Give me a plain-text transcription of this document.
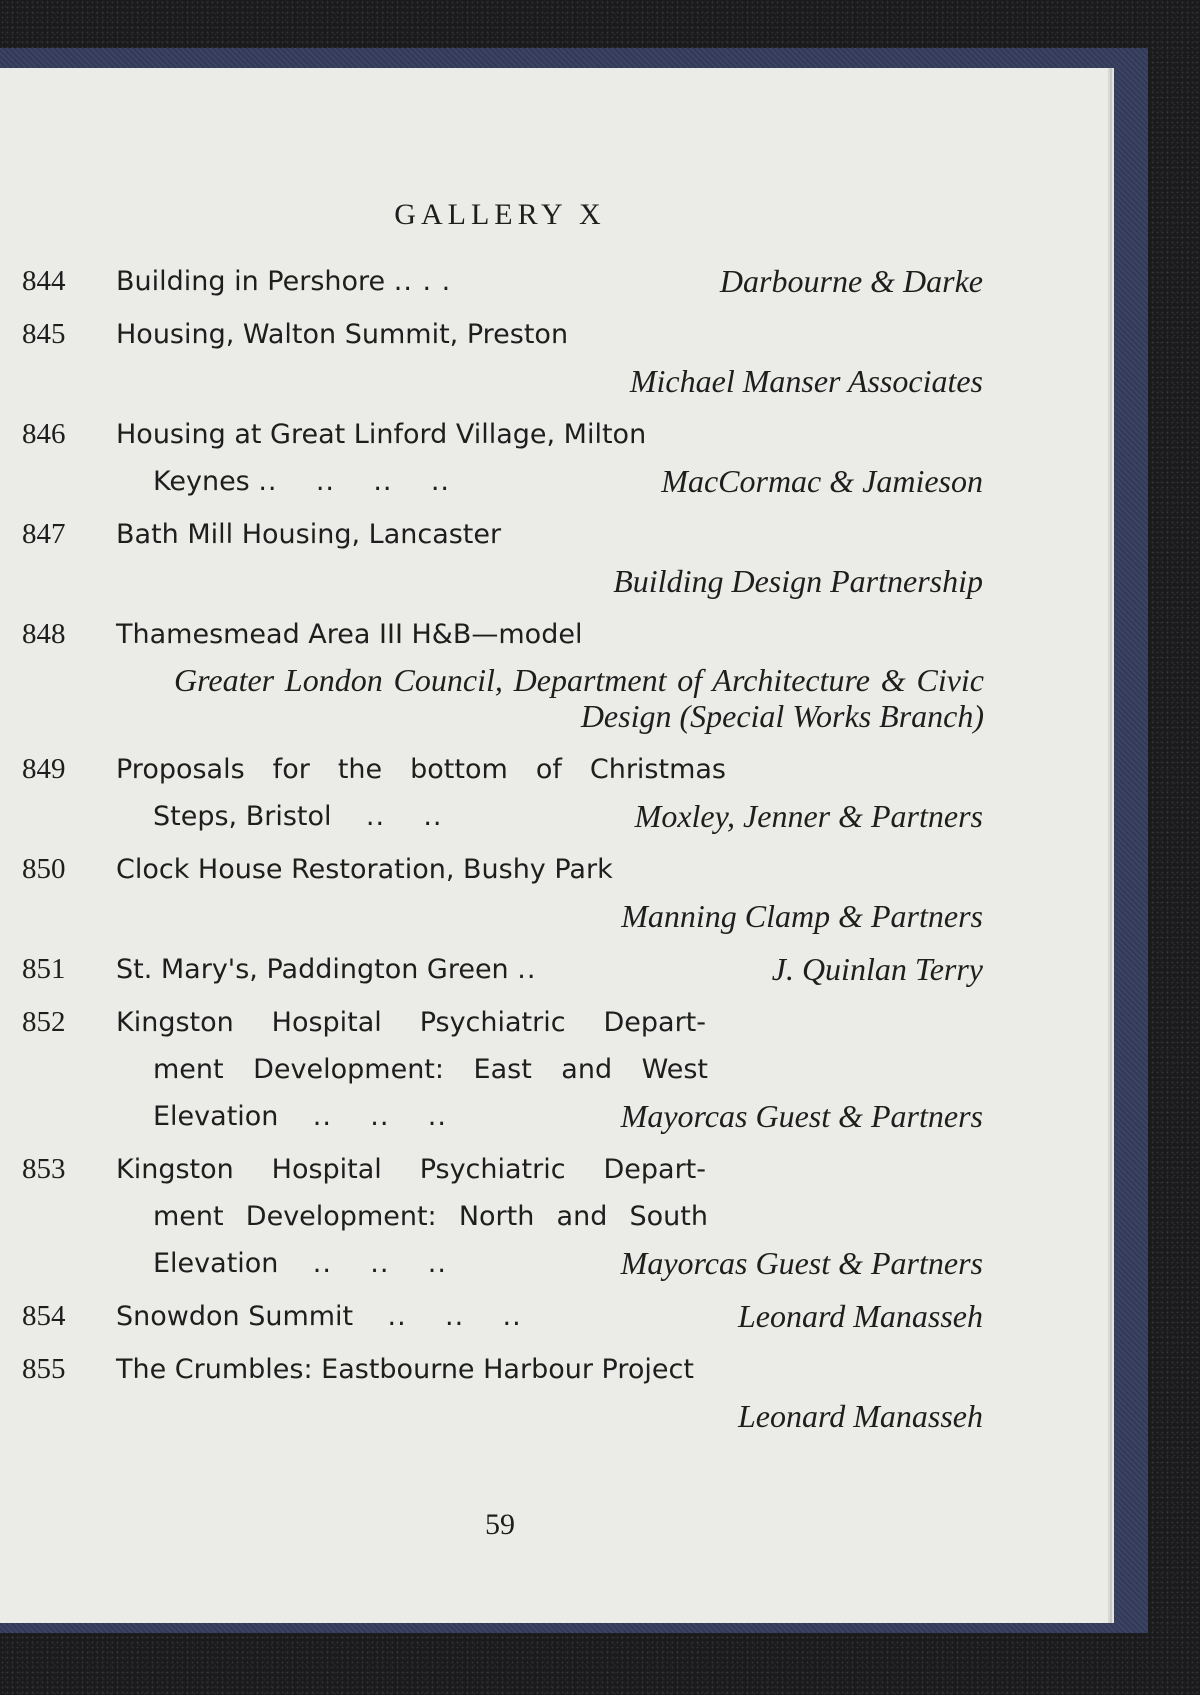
GALLERY X
844 Building in Pershore .. . .	Darbourne & Darke
845 Housing, Walton Summit, Preston
Michael Manser Associates
846 Housing at Great Linford Village, Milton
Keynes ..    ..    ..    ..	MacCormac & Jamieson
847 Bath Mill Housing, Lancaster
Building Design Partnership
848 Thamesmead Area III H&B—model
Greater London Council, Department of Architecture & Civic Design (Special Works Branch)
849 Proposals for the bottom of Christmas
Steps, Bristol ..    ..	Moxley, Jenner & Partners
850 Clock House Restoration, Bushy Park
Manning Clamp & Partners
851 St. Mary's, Paddington Green ..	J. Quinlan Terry
852 Kingston Hospital Psychiatric Depart-
ment Development: East and West
Elevation ..    ..    ..	Mayorcas Guest & Partners
853 Kingston Hospital Psychiatric Depart-
ment Development: North and South
Elevation ..    ..    ..	Mayorcas Guest & Partners
854 Snowdon Summit ..    ..    ..	Leonard Manasseh
855 The Crumbles: Eastbourne Harbour Project
Leonard Manasseh
59
